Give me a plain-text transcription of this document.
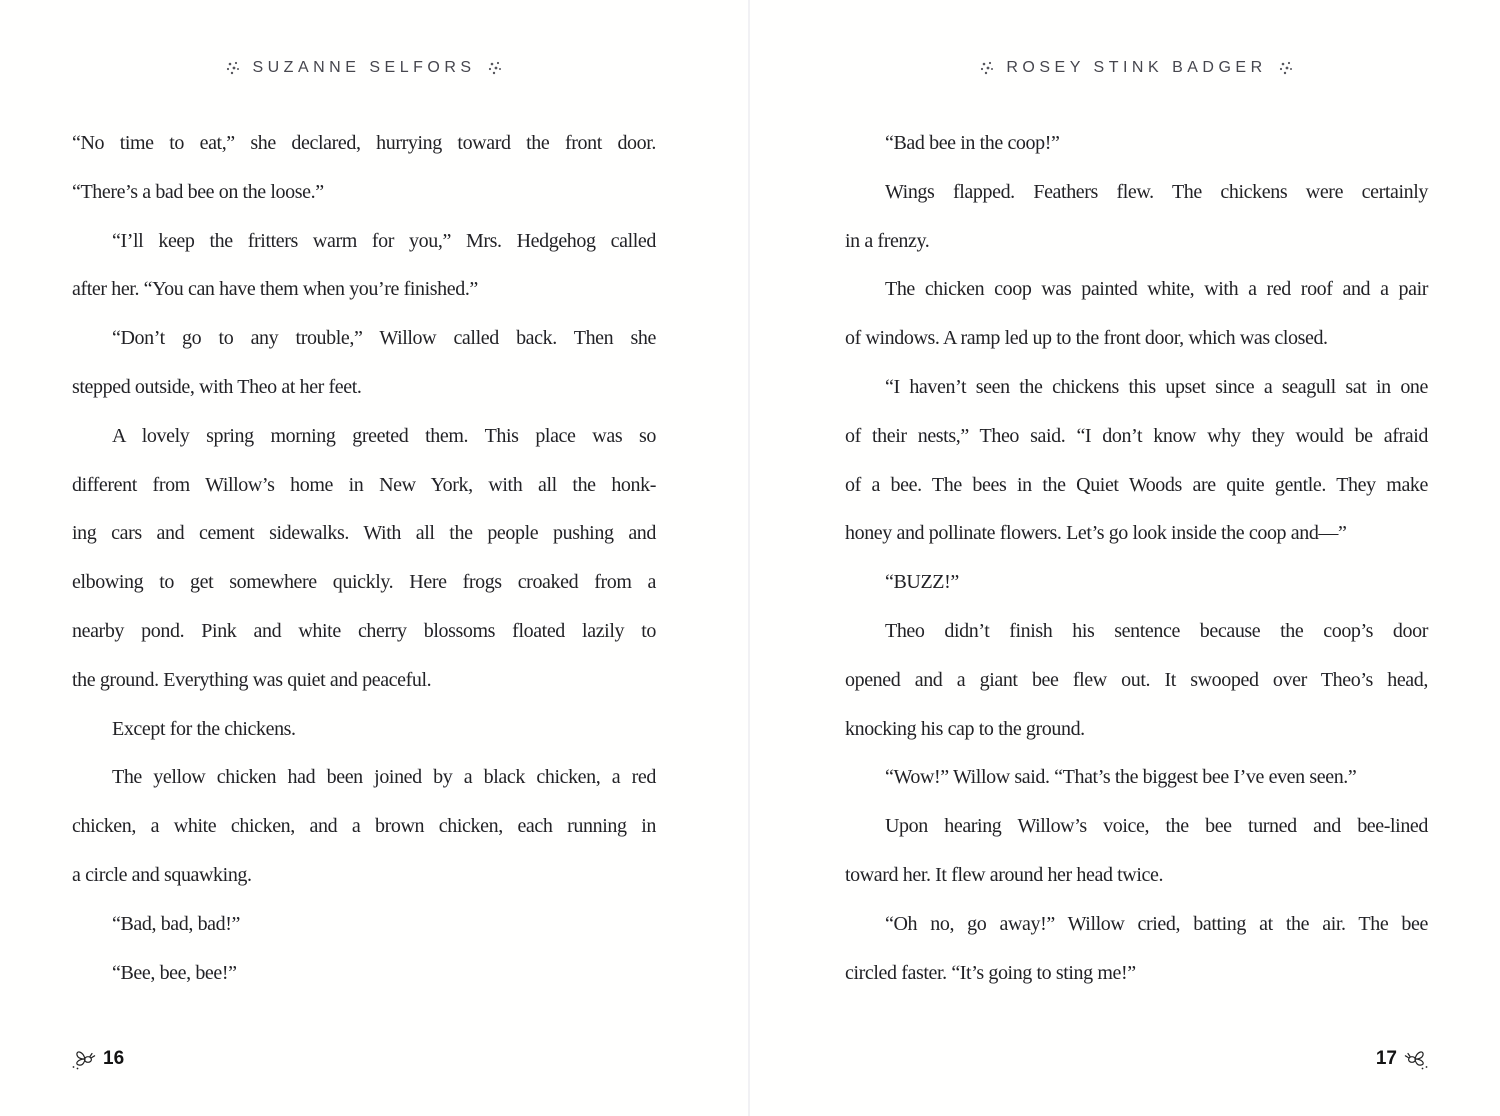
SUZANNE SELFORS
“No time to eat,” she declared, hurrying toward the front door.
“There’s a bad bee on the loose.”
“I’ll keep the fritters warm for you,” Mrs. Hedgehog called
after her. “You can have them when you’re finished.”
“Don’t go to any trouble,” Willow called back. Then she
stepped outside, with Theo at her feet.
A lovely spring morning greeted them. This place was so
different from Willow’s home in New York, with all the honk-
ing cars and cement sidewalks. With all the people pushing and
elbowing to get somewhere quickly. Here frogs croaked from a
nearby pond. Pink and white cherry blossoms floated lazily to
the ground. Everything was quiet and peaceful.
Except for the chickens.
The yellow chicken had been joined by a black chicken, a red
chicken, a white chicken, and a brown chicken, each running in
a circle and squawking.
“Bad, bad, bad!”
“Bee, bee, bee!”
16
ROSEY STINK BADGER
“Bad bee in the coop!”
Wings flapped. Feathers flew. The chickens were certainly
in a frenzy.
The chicken coop was painted white, with a red roof and a pair
of windows. A ramp led up to the front door, which was closed.
“I haven’t seen the chickens this upset since a seagull sat in one
of their nests,” Theo said. “I don’t know why they would be afraid
of a bee. The bees in the Quiet Woods are quite gentle. They make
honey and pollinate flowers. Let’s go look inside the coop and—”
“BUZZ!”
Theo didn’t finish his sentence because the coop’s door
opened and a giant bee flew out. It swooped over Theo’s head,
knocking his cap to the ground.
“Wow!” Willow said. “That’s the biggest bee I’ve even seen.”
Upon hearing Willow’s voice, the bee turned and bee-lined
toward her. It flew around her head twice.
“Oh no, go away!” Willow cried, batting at the air. The bee
circled faster. “It’s going to sting me!”
17
